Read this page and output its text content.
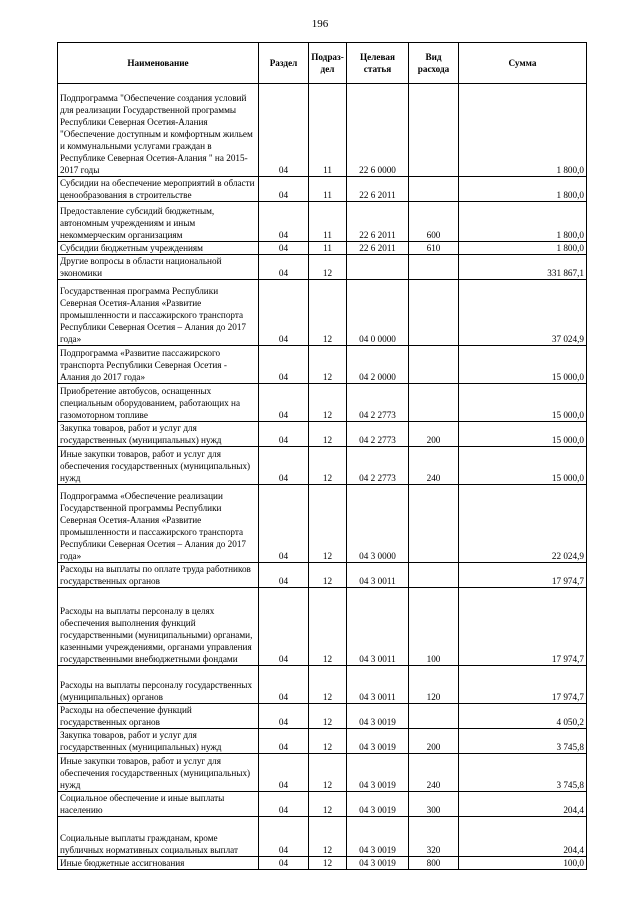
196
Наименование	Раздел	Подраз-дел	Целевая статья	Вид расхода	Сумма
Подпрограмма "Обеспечение создания условий для реализации Государственной программы Республики Северная Осетия-Алания "Обеспечение доступным и комфортным жильем и коммунальными услугами граждан в Республике Северная Осетия-Алания " на 2015-2017 годы	04	11	22 6 0000		1 800,0
Субсидии на обеспечение мероприятий в области ценообразования в строительстве	04	11	22 6 2011		1 800,0
Предоставление субсидий бюджетным, автономным учреждениям и иным некоммерческим организациям	04	11	22 6 2011	600	1 800,0
Субсидии бюджетным учреждениям	04	11	22 6 2011	610	1 800,0
Другие вопросы в области национальной экономики	04	12			331 867,1
Государственная программа Республики Северная Осетия-Алания «Развитие промышленности и пассажирского транспорта Республики Северная Осетия – Алания до 2017 года»	04	12	04 0 0000		37 024,9
Подпрограмма «Развитие пассажирского транспорта Республики Северная Осетия - Алания до 2017 года»	04	12	04 2 0000		15 000,0
Приобретение автобусов, оснащенных специальным оборудованием, работающих на газомоторном топливе	04	12	04 2 2773		15 000,0
Закупка товаров, работ и услуг для государственных (муниципальных) нужд	04	12	04 2 2773	200	15 000,0
Иные закупки товаров, работ и услуг для обеспечения государственных (муниципальных) нужд	04	12	04 2 2773	240	15 000,0
Подпрограмма «Обеспечение реализации Государственной программы Республики Северная Осетия-Алания «Развитие промышленности и пассажирского транспорта Республики Северная Осетия – Алания до 2017 года»	04	12	04 3 0000		22 024,9
Расходы на выплаты по оплате труда работников государственных органов	04	12	04 3 0011		17 974,7
Расходы на выплаты персоналу в целях обеспечения выполнения функций государственными (муниципальными) органами, казенными учреждениями, органами управления государственными внебюджетными фондами	04	12	04 3 0011	100	17 974,7
Расходы на выплаты персоналу государственных (муниципальных) органов	04	12	04 3 0011	120	17 974,7
Расходы на обеспечение функций государственных органов	04	12	04 3 0019		4 050,2
Закупка товаров, работ и услуг для государственных (муниципальных) нужд	04	12	04 3 0019	200	3 745,8
Иные закупки товаров, работ и услуг для обеспечения государственных (муниципальных) нужд	04	12	04 3 0019	240	3 745,8
Социальное обеспечение и иные выплаты населению	04	12	04 3 0019	300	204,4
Социальные выплаты гражданам, кроме публичных нормативных социальных выплат	04	12	04 3 0019	320	204,4
Иные бюджетные ассигнования	04	12	04 3 0019	800	100,0
